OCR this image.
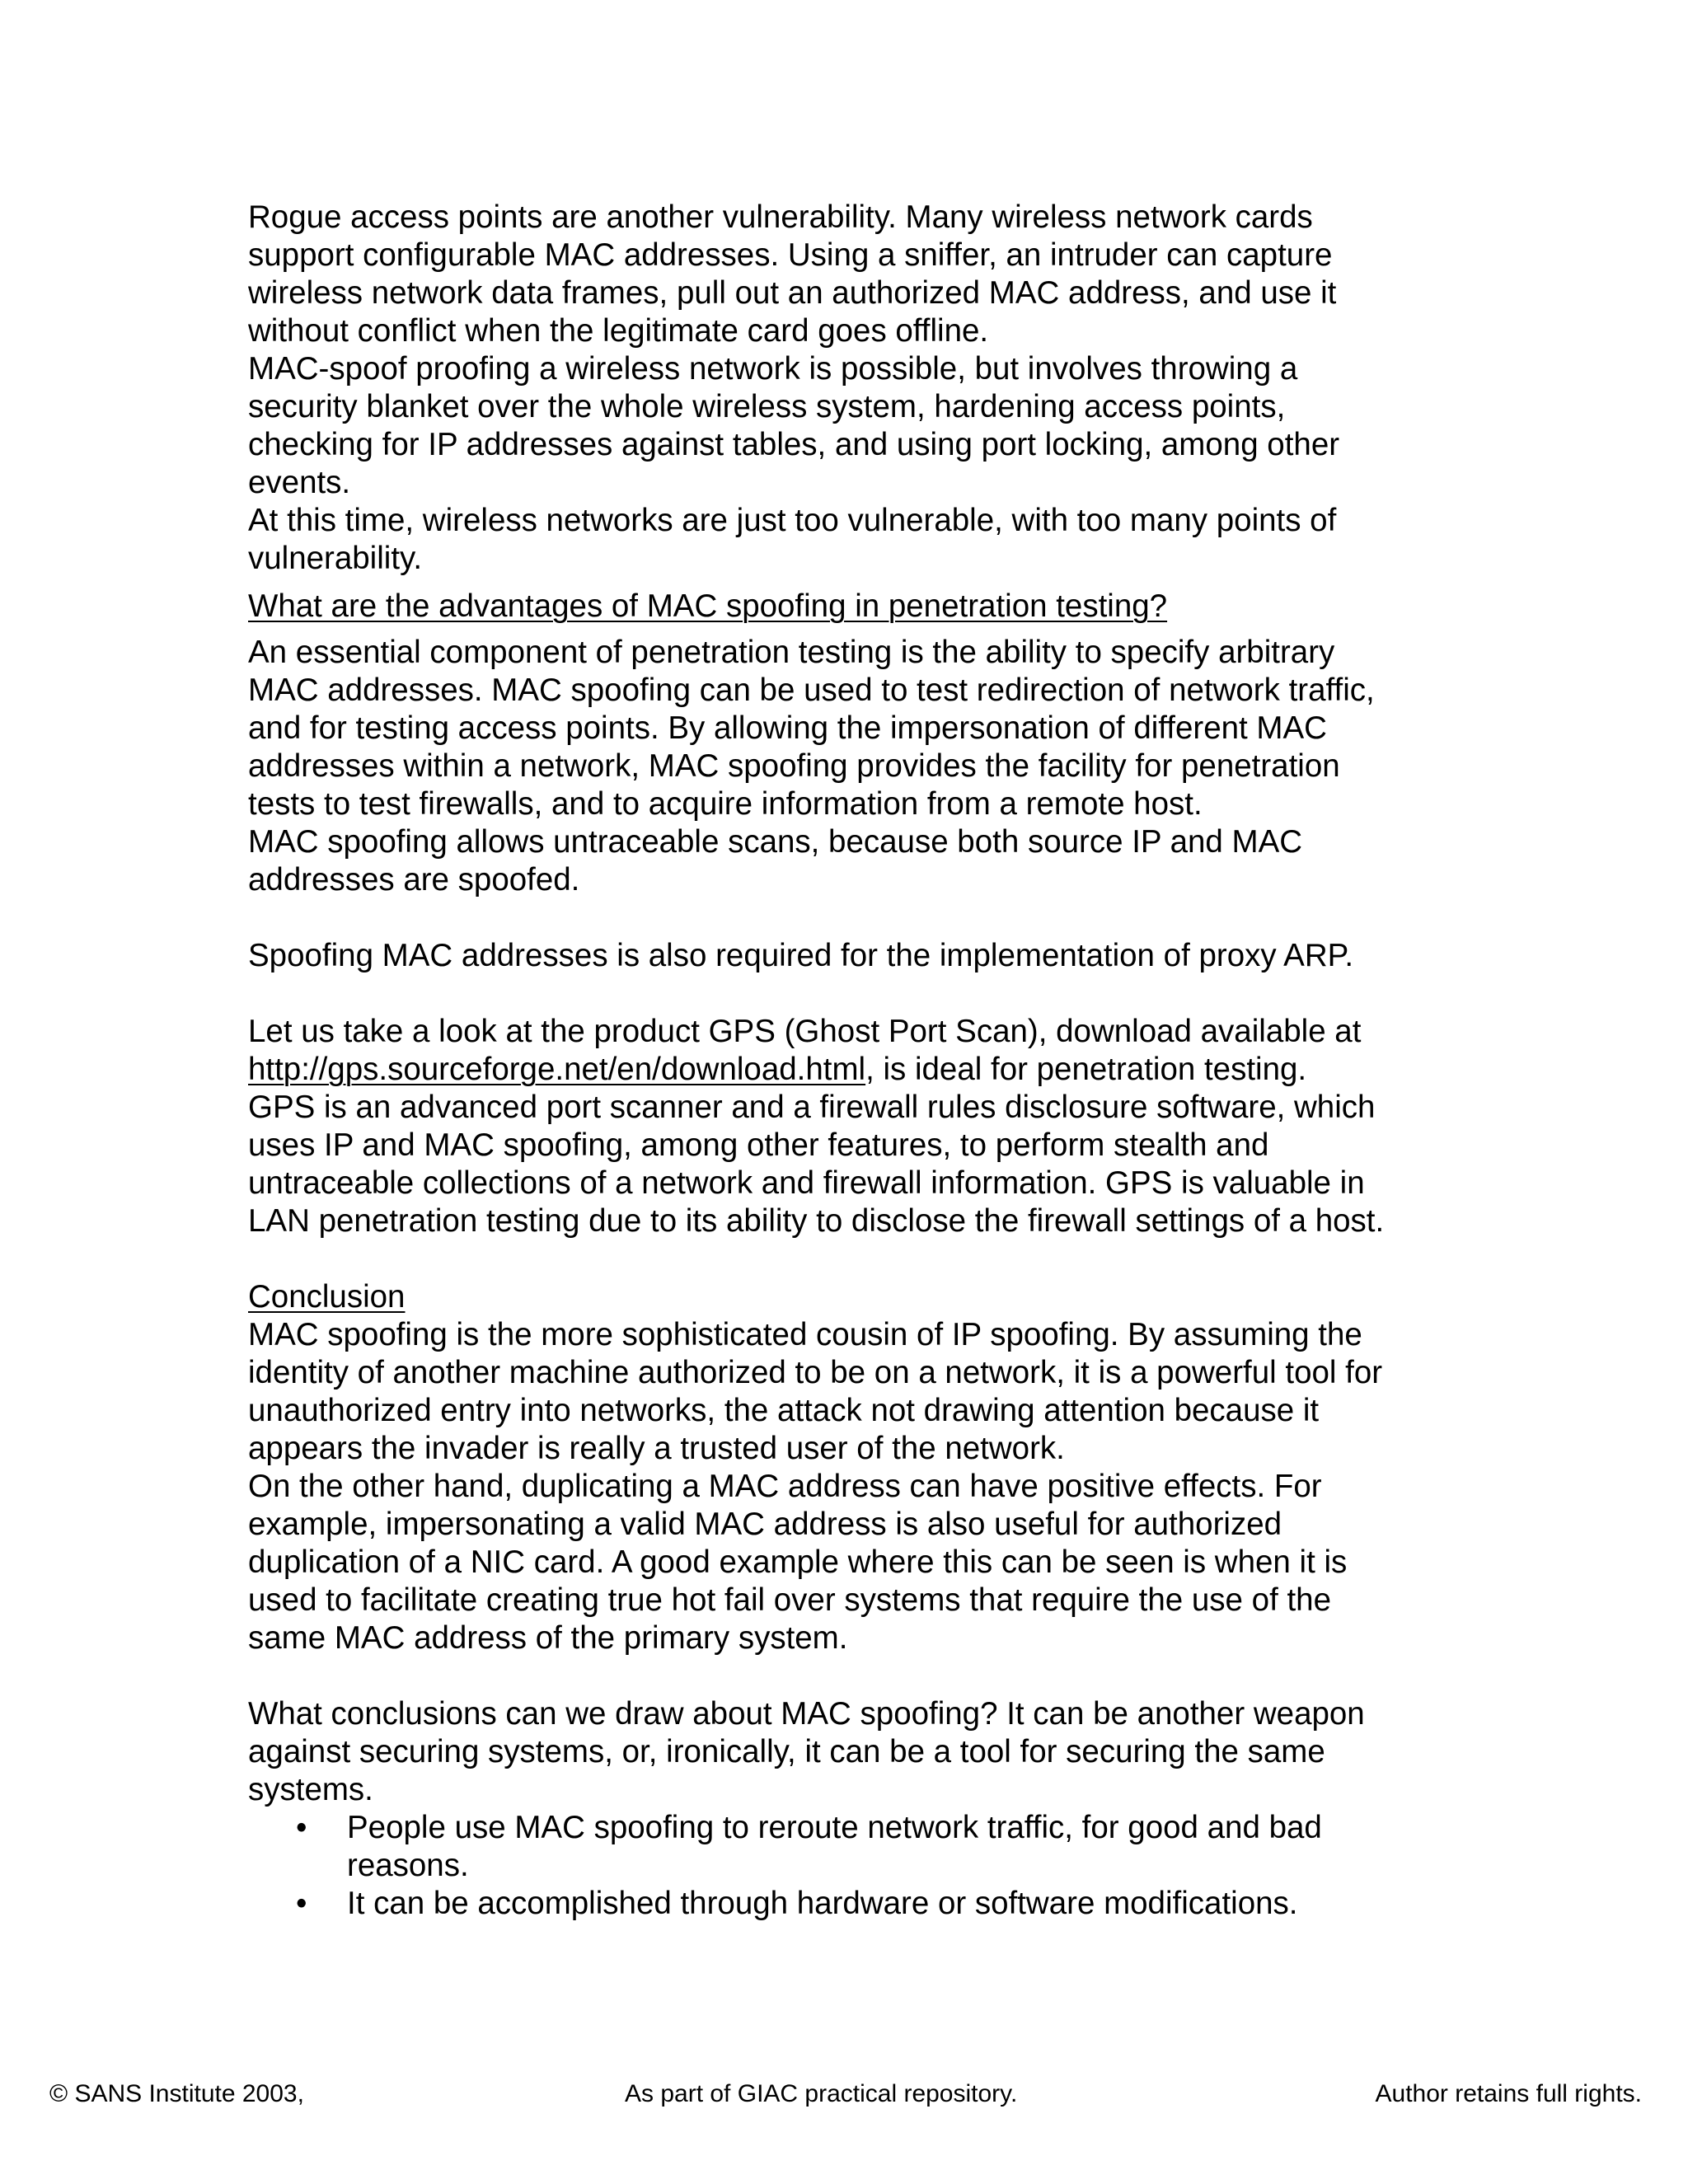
Rogue access points are another vulnerability. Many wireless network cards
support configurable MAC addresses. Using a sniffer, an intruder can capture
wireless network data frames, pull out an authorized MAC address, and use it
without conflict when the legitimate card goes offline.
MAC-spoof proofing a wireless network is possible, but involves throwing a
security blanket over the whole wireless system, hardening access points,
checking for IP addresses against tables, and using port locking, among other
events.
At this time, wireless networks are just too vulnerable, with too many points of
vulnerability.

What are the advantages of MAC spoofing in penetration testing?

An essential component of penetration testing is the ability to specify arbitrary
MAC addresses. MAC spoofing can be used to test redirection of network traffic,
and for testing access points. By allowing the impersonation of different MAC
addresses within a network, MAC spoofing provides the facility for penetration
tests to test firewalls, and to acquire information from a remote host.
MAC spoofing allows untraceable scans, because both source IP and MAC
addresses are spoofed.

Spoofing MAC addresses is also required for the implementation of proxy ARP.

Let us take a look at the product GPS (Ghost Port Scan), download available at
http://gps.sourceforge.net/en/download.html, is ideal for penetration testing.
GPS is an advanced port scanner and a firewall rules disclosure software, which
uses IP and MAC spoofing, among other features, to perform stealth and
untraceable collections of a network and firewall information. GPS is valuable in
LAN penetration testing due to its ability to disclose the firewall settings of a host.

Conclusion

MAC spoofing is the more sophisticated cousin of IP spoofing. By assuming the
identity of another machine authorized to be on a network, it is a powerful tool for
unauthorized entry into networks, the attack not drawing attention because it
appears the invader is really a trusted user of the network.
On the other hand, duplicating a MAC address can have positive effects. For
example, impersonating a valid MAC address is also useful for authorized
duplication of a NIC card. A good example where this can be seen is when it is
used to facilitate creating true hot fail over systems that require the use of the
same MAC address of the primary system.

What conclusions can we draw about MAC spoofing? It can be another weapon
against securing systems, or, ironically, it can be a tool for securing the same
systems.

• People use MAC spoofing to reroute network traffic, for good and bad
reasons.
• It can be accomplished through hardware or software modifications.
© SANS Institute 2003,	As part of GIAC practical repository.	Author retains full rights.
